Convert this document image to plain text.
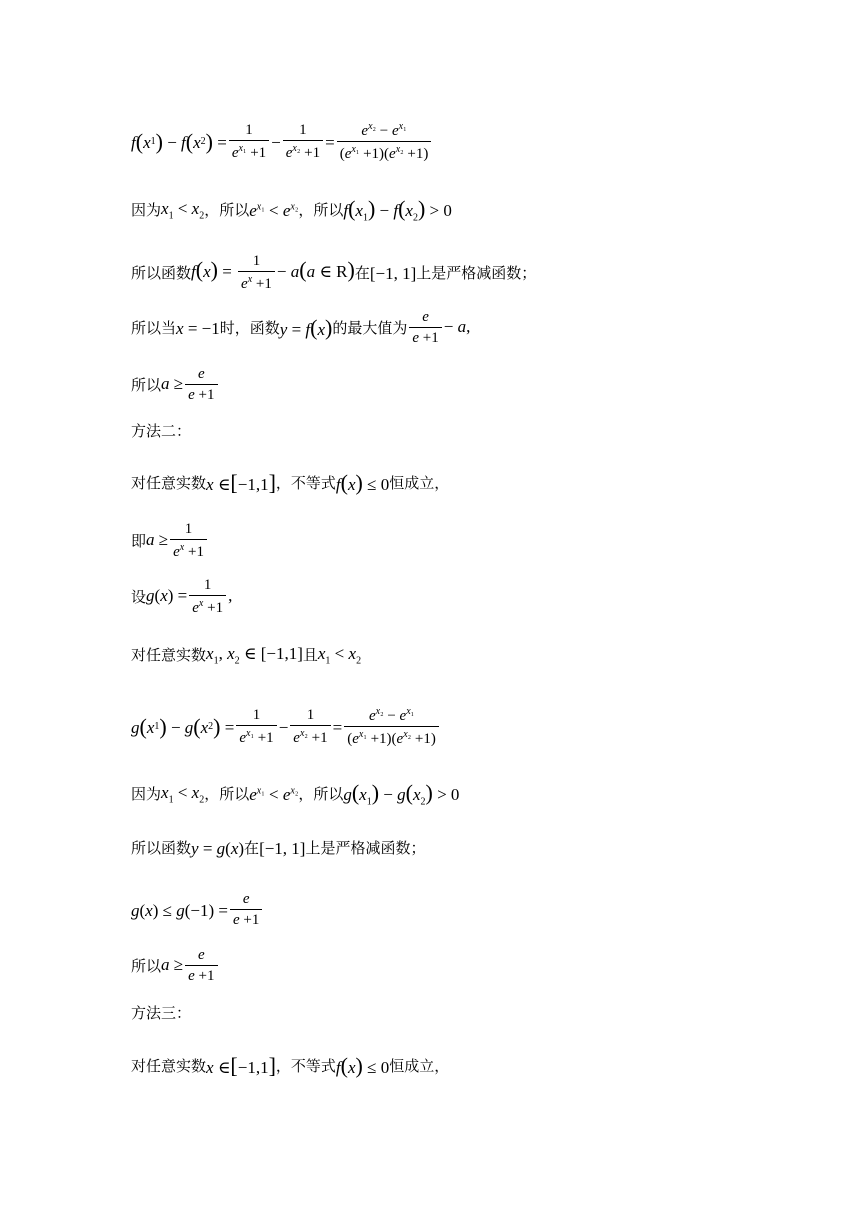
f ( x 1 ) − f ( x 2 ) = $\frac{1}{e^{x_1} +1} - \frac{1}{e^{x_2} +1} = \frac{e^{x_2} - e^{x_1}}{(e^{x_1} +1)(e^{x_2} +1)}$
因为 $x_1 < x_2$ ，所以 $e^{x_1} < e^{x_2}$ ，所以 $f(x_1) - f(x_2) > 0$
所以函数 $f(x) = \frac{1}{e^x +1} - a(a$ ∈ R) 在 [−1, 1] 上是严格减函数；
所以当 x = −1 时，函数 y = f(x) 的最大值为 $\frac{e}{e +1} - a$,
所以 $a \ge \frac{e}{e +1}$
方法二：
对任意实数 x ∈[−1,1] ，不等式 f(x) ≤ 0 恒成立，
即 $a \ge \frac{1}{e^x +1}$
设 $g(x) = \frac{1}{e^x +1}$ ,
对任意实数 $x_1$, $x_2$ ∈ [−1,1] 且 $x_1 < x_2$
g ( x 1 ) − g ( x 2 ) = $\frac{1}{e^{x_1} +1} - \frac{1}{e^{x_2} +1} = \frac{e^{x_2} - e^{x_1}}{(e^{x_1} +1)(e^{x_2} +1)}$
因为 $x_1 < x_2$ ，所以 $e^{x_1} < e^{x_2}$ ，所以 $g(x_1) - g(x_2) > 0$
所以函数 y = g(x) 在 [−1, 1] 上是严格减函数；
g ( x ) ≤ g $(-1) = \frac{e}{e +1}$
所以 $a \ge \frac{e}{e +1}$
方法三：
对任意实数 x ∈[−1,1] ，不等式 f(x) ≤ 0 恒成立，
